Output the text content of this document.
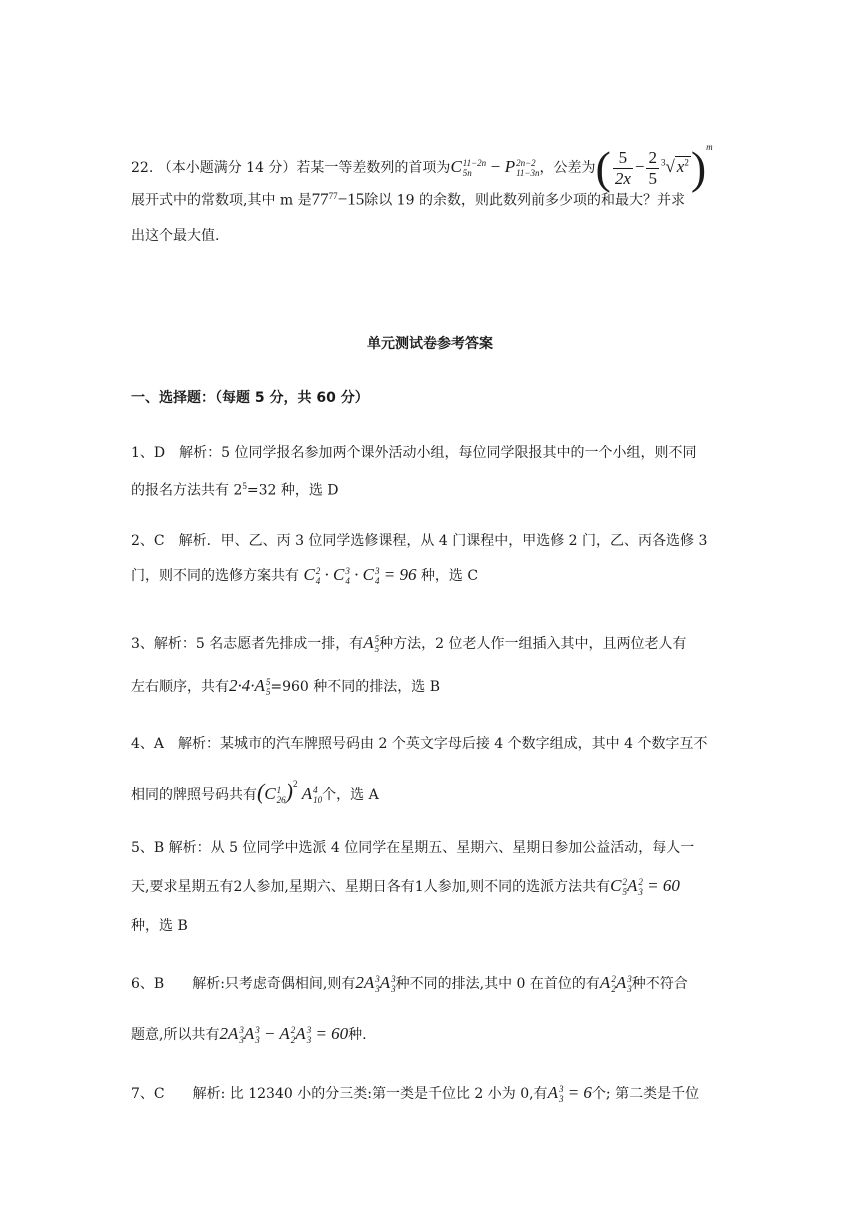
22. （本小题满分 14 分）若某一等差数列的首项为C 11−2n
5n	− P 2n−2
11−3n ，公差为( $\frac{5}{2x} - \frac{2}{5} ^3√$ $x^2)^m$
展开式中的常数项,其中 m 是$77^{77}-15$除以 19 的余数，则此数列前多少项的和最大？并求
出这个最大值.
单元测试卷参考答案
一、选择题：（每题 5 分，共 60 分）
1、D　解析：5 位同学报名参加两个课外活动小组，每位同学限报其中的一个小组，则不同
的报名方法共有 $2^5=32$ 种，选 D
2、C　解析．甲、乙、丙 3 位同学选修课程，从 4 门课程中，甲选修 2 门，乙、丙各选修 3
门，则不同的选修方案共有 C 2
4 · C 3
4 · C 3
4 = 96 种，选 C
3、解析：5 名志愿者先排成一排，有A 5
5 种方法，2 位老人作一组插入其中，且两位老人有
左右顺序，共有2·4·A 5
5 =960 种不同的排法，选 B
4、A　解析：某城市的汽车牌照号码由 2 个英文字母后接 4 个数字组成，其中 4 个数字互不
相同的牌照号码共有(C 1
26 )$^2$ A 4
10 个，选 A
5、B 解析：从 5 位同学中选派 4 位同学在星期五、星期六、星期日参加公益活动，每人一
天,要求星期五有2人参加,星期六、星期日各有1人参加,则不同的选派方法共有C 2
5 A 2
3 = 60
种，选 B
6、B　　解析:只考虑奇偶相间,则有2A 3
3 A 3
3 种不同的排法,其中 0 在首位的有A 2
2 A 3
3 种不符合
题意,所以共有2A 3
3 A 3
3 − A 2
2 A 3
3 = 60种.
7、C　　解析: 比 12340 小的分三类:第一类是千位比 2 小为 0,有A 3
3 = 6个; 第二类是千位
